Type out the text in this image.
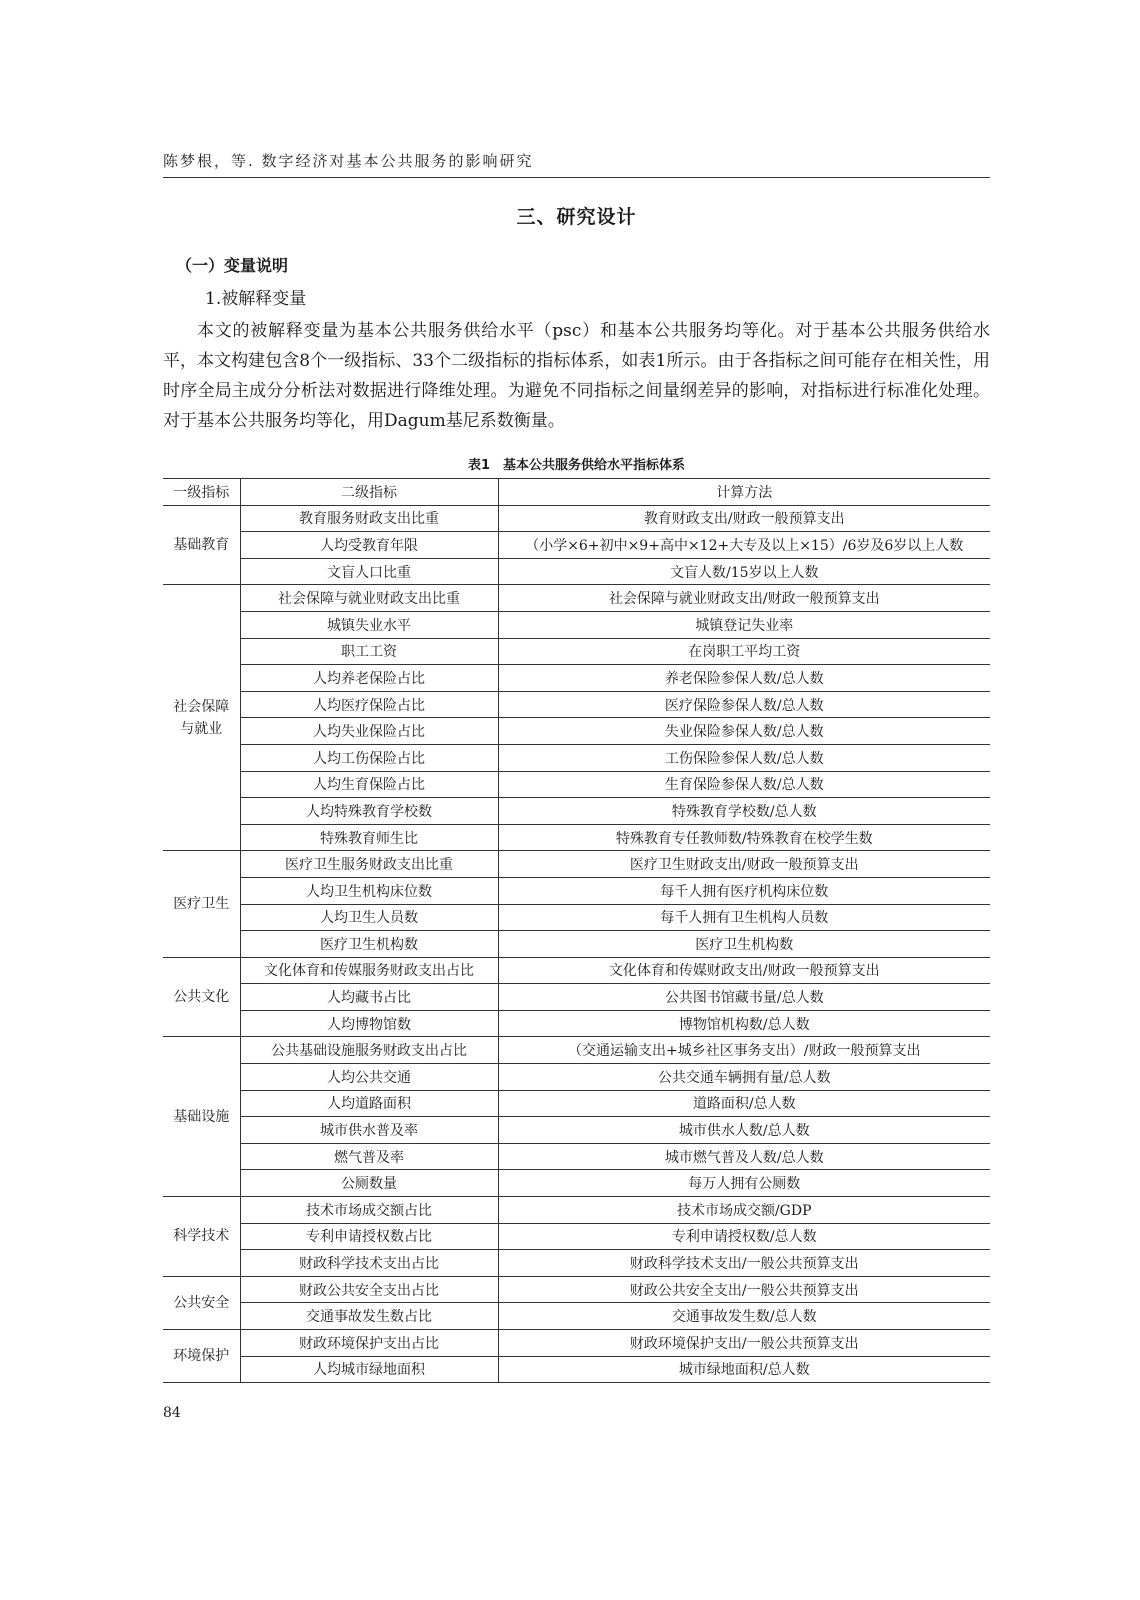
陈梦根，等. 数字经济对基本公共服务的影响研究
三、研究设计
（一）变量说明
1.被解释变量

本文的被解释变量为基本公共服务供给水平（psc）和基本公共服务均等化。对于基本公共服务供给水平，本文构建包含8个一级指标、33个二级指标的指标体系，如表1所示。由于各指标之间可能存在相关性，用时序全局主成分分析法对数据进行降维处理。为避免不同指标之间量纲差异的影响，对指标进行标准化处理。对于基本公共服务均等化，用Dagum基尼系数衡量。

表1　基本公共服务供给水平指标体系
一级指标	二级指标	计算方法

基础教育	教育服务财政支出比重	教育财政支出/财政一般预算支出
	人均受教育年限	（小学×6+初中×9+高中×12+大专及以上×15）/6岁及6岁以上人数
	文盲人口比重	文盲人数/15岁以上人数

社会保障
与就业	社会保障与就业财政支出比重	社会保障与就业财政支出/财政一般预算支出
	城镇失业水平	城镇登记失业率
	职工工资	在岗职工平均工资
	人均养老保险占比	养老保险参保人数/总人数
	人均医疗保险占比	医疗保险参保人数/总人数
	人均失业保险占比	失业保险参保人数/总人数
	人均工伤保险占比	工伤保险参保人数/总人数
	人均生育保险占比	生育保险参保人数/总人数
	人均特殊教育学校数	特殊教育学校数/总人数
	特殊教育师生比	特殊教育专任教师数/特殊教育在校学生数

医疗卫生	医疗卫生服务财政支出比重	医疗卫生财政支出/财政一般预算支出
	人均卫生机构床位数	每千人拥有医疗机构床位数
	人均卫生人员数	每千人拥有卫生机构人员数
	医疗卫生机构数	医疗卫生机构数

公共文化	文化体育和传媒服务财政支出占比	文化体育和传媒财政支出/财政一般预算支出
	人均藏书占比	公共图书馆藏书量/总人数
	人均博物馆数	博物馆机构数/总人数

基础设施	公共基础设施服务财政支出占比	（交通运输支出+城乡社区事务支出）/财政一般预算支出
	人均公共交通	公共交通车辆拥有量/总人数
	人均道路面积	道路面积/总人数
	城市供水普及率	城市供水人数/总人数
	燃气普及率	城市燃气普及人数/总人数
	公厕数量	每万人拥有公厕数

科学技术	技术市场成交额占比	技术市场成交额/GDP
	专利申请授权数占比	专利申请授权数/总人数
	财政科学技术支出占比	财政科学技术支出/一般公共预算支出

公共安全	财政公共安全支出占比	财政公共安全支出/一般公共预算支出
	交通事故发生数占比	交通事故发生数/总人数

环境保护	财政环境保护支出占比	财政环境保护支出/一般公共预算支出
	人均城市绿地面积	城市绿地面积/总人数
84
